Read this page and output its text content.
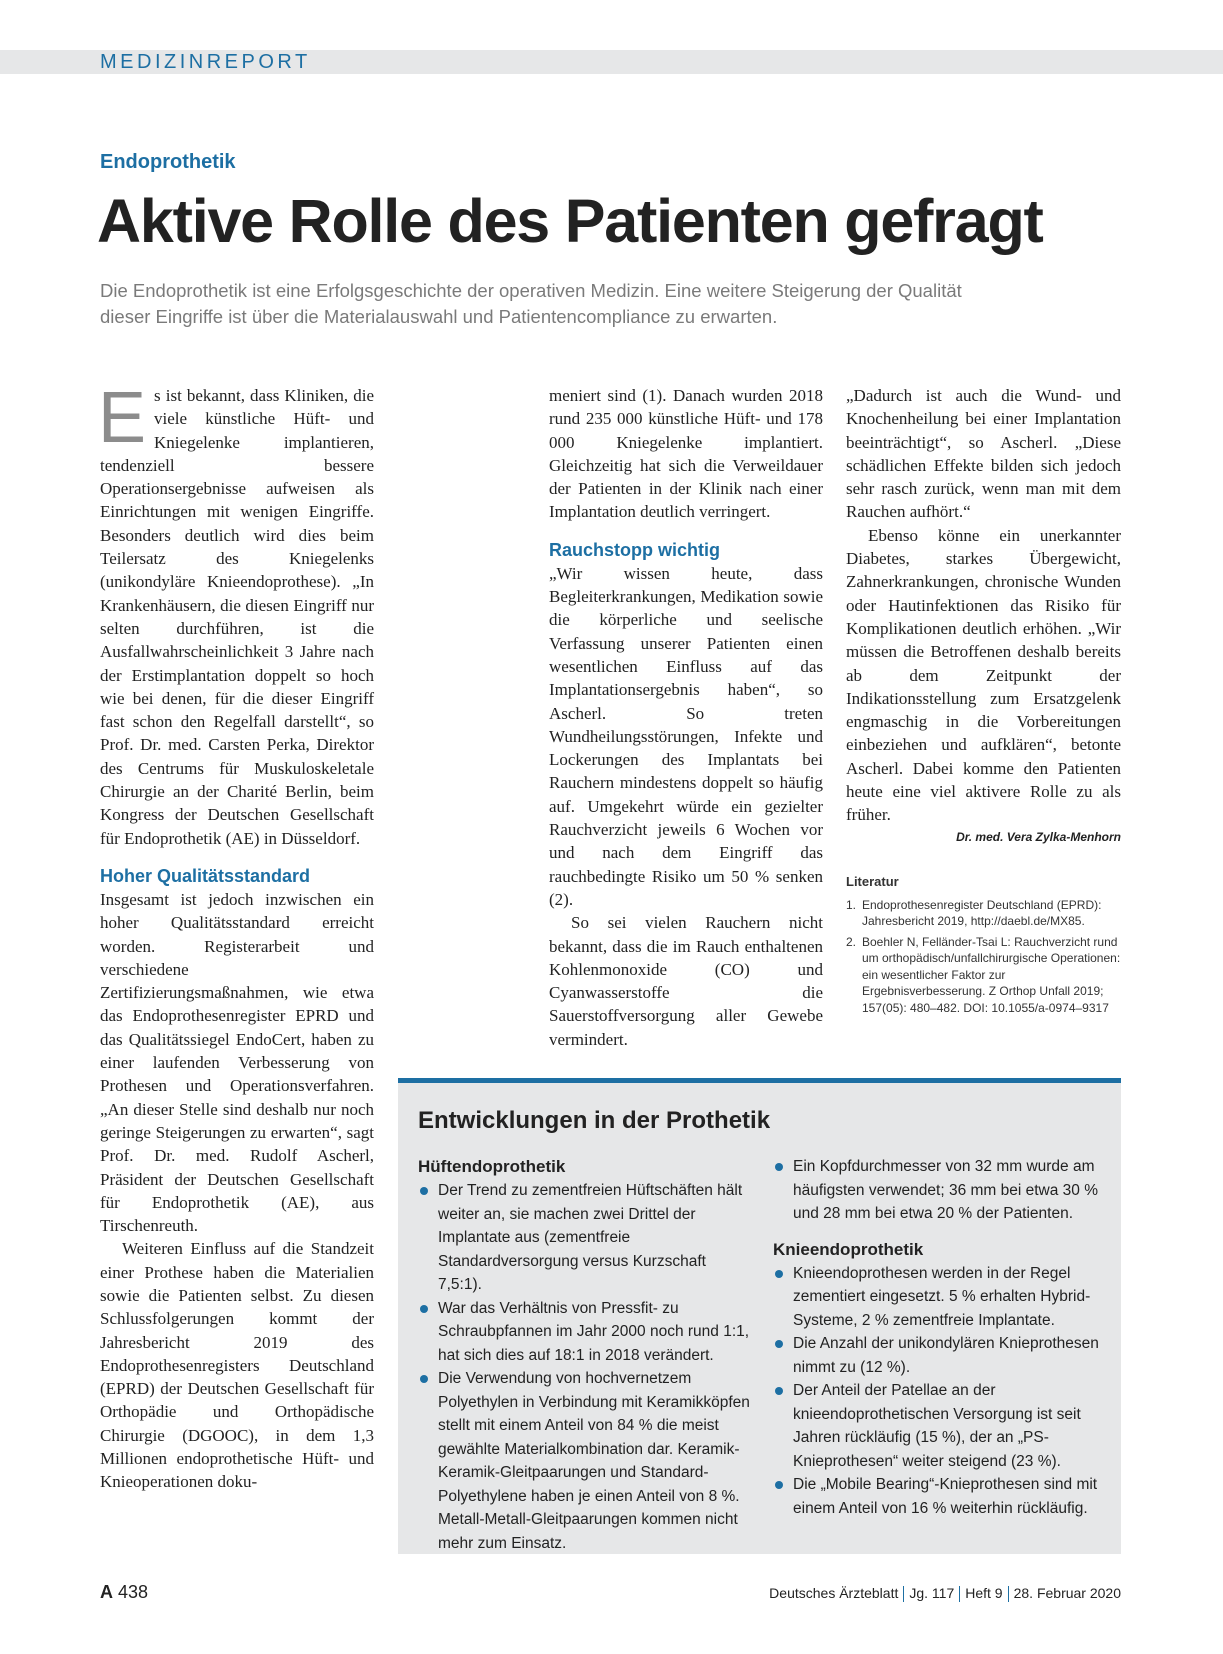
MEDIZINREPORT
Endoprothetik
Aktive Rolle des Patienten gefragt

Die Endoprothetik ist eine Erfolgsgeschichte der operativen Medizin. Eine weitere Steigerung der Qualität dieser Eingriffe ist über die Materialauswahl und Patientencompliance zu erwarten.

Es ist bekannt, dass Kliniken, die viele künstliche Hüft- und Kniegelenke implantieren, tendenziell bessere Operationsergebnisse aufweisen als Einrichtungen mit wenigen Eingriffe. Besonders deutlich wird dies beim Teilersatz des Kniegelenks (unikondyläre Knieendoprothese). „In Krankenhäusern, die diesen Eingriff nur selten durchführen, ist die Ausfallwahrscheinlichkeit 3 Jahre nach der Erstimplantation doppelt so hoch wie bei denen, für die dieser Eingriff fast schon den Regelfall darstellt“, so Prof. Dr. med. Carsten Perka, Direktor des Centrums für Muskuloskeletale Chirurgie an der Charité Berlin, beim Kongress der Deutschen Gesellschaft für Endoprothetik (AE) in Düsseldorf.

Hoher Qualitätsstandard

Insgesamt ist jedoch inzwischen ein hoher Qualitätsstandard erreicht worden. Registerarbeit und verschiedene Zertifizierungsmaßnahmen, wie etwa das Endoprothesenregister EPRD und das Qualitätssiegel EndoCert, haben zu einer laufenden Verbesserung von Prothesen und Operationsverfahren. „An dieser Stelle sind deshalb nur noch geringe Steigerungen zu erwarten“, sagt Prof. Dr. med. Rudolf Ascherl, Präsident der Deutschen Gesellschaft für Endoprothetik (AE), aus Tirschenreuth.

Weiteren Einfluss auf die Standzeit einer Prothese haben die Materialien sowie die Patienten selbst. Zu diesen Schlussfolgerungen kommt der Jahresbericht 2019 des Endoprothesenregisters Deutschland (EPRD) der Deutschen Gesellschaft für Orthopädie und Orthopädische Chirurgie (DGOOC), in dem 1,3 Millionen endoprothetische Hüft- und Knieoperationen doku-

meniert sind (1). Danach wurden 2018 rund 235 000 künstliche Hüft- und 178 000 Kniegelenke implantiert. Gleichzeitig hat sich die Verweildauer der Patienten in der Klinik nach einer Implantation deutlich verringert.

Rauchstopp wichtig

„Wir wissen heute, dass Begleiterkrankungen, Medikation sowie die körperliche und seelische Verfassung unserer Patienten einen wesentlichen Einfluss auf das Implantationsergebnis haben“, so Ascherl. So treten Wundheilungsstörungen, Infekte und Lockerungen des Implantats bei Rauchern mindestens doppelt so häufig auf. Umgekehrt würde ein gezielter Rauchverzicht jeweils 6 Wochen vor und nach dem Eingriff das rauchbedingte Risiko um 50 % senken (2).

So sei vielen Rauchern nicht bekannt, dass die im Rauch enthaltenen Kohlenmonoxide (CO) und Cyanwasserstoffe die Sauerstoffversorgung aller Gewebe vermindert.

„Dadurch ist auch die Wund- und Knochenheilung bei einer Implantation beeinträchtigt“, so Ascherl. „Diese schädlichen Effekte bilden sich jedoch sehr rasch zurück, wenn man mit dem Rauchen aufhört.“

Ebenso könne ein unerkannter Diabetes, starkes Übergewicht, Zahnerkrankungen, chronische Wunden oder Hautinfektionen das Risiko für Komplikationen deutlich erhöhen. „Wir müssen die Betroffenen deshalb bereits ab dem Zeitpunkt der Indikationsstellung zum Ersatzgelenk engmaschig in die Vorbereitungen einbeziehen und aufklären“, betonte Ascherl. Dabei komme den Patienten heute eine viel aktivere Rolle zu als früher.

Dr. med. Vera Zylka-Menhorn
Literatur
1. Endoprothesenregister Deutschland (EPRD): Jahresbericht 2019, http://daebl.de/MX85.
2. Boehler N, Felländer-Tsai L: Rauchverzicht rund um orthopädisch/unfallchirurgische Operationen: ein wesentlicher Faktor zur Ergebnisverbesserung. Z Orthop Unfall 2019; 157(05): 480–482. DOI: 10.1055/a-0974–9317
Entwicklungen in der Prothetik
Hüftendoprothetik
Der Trend zu zementfreien Hüftschäften hält weiter an, sie machen zwei Drittel der Implantate aus (zementfreie Standardversorgung versus Kurzschaft 7,5:1).
War das Verhältnis von Pressfit- zu Schraubpfannen im Jahr 2000 noch rund 1:1, hat sich dies auf 18:1 in 2018 verändert.
Die Verwendung von hochvernetzem Polyethylen in Verbindung mit Keramikköpfen stellt mit einem Anteil von 84 % die meist gewählte Materialkombination dar. Keramik-Keramik-Gleitpaarungen und Standard-Polyethylene haben je einen Anteil von 8 %. Metall-Metall-Gleitpaarungen kommen nicht mehr zum Einsatz.
Ein Kopfdurchmesser von 32 mm wurde am häufigsten verwendet; 36 mm bei etwa 30 % und 28 mm bei etwa 20 % der Patienten.
Knieendoprothetik
Knieendoprothesen werden in der Regel zementiert eingesetzt. 5 % erhalten Hybrid-Systeme, 2 % zementfreie Implantate.
Die Anzahl der unikondylären Knieprothesen nimmt zu (12 %).
Der Anteil der Patellae an der knieendoprothetischen Versorgung ist seit Jahren rückläufig (15 %), der an „PS-Knieprothesen“ weiter steigend (23 %).
Die „Mobile Bearing“-Knieprothesen sind mit einem Anteil von 16 % weiterhin rückläufig.
A 438	Deutsches Ärzteblatt Jg. 117 Heft 9 28. Februar 2020
